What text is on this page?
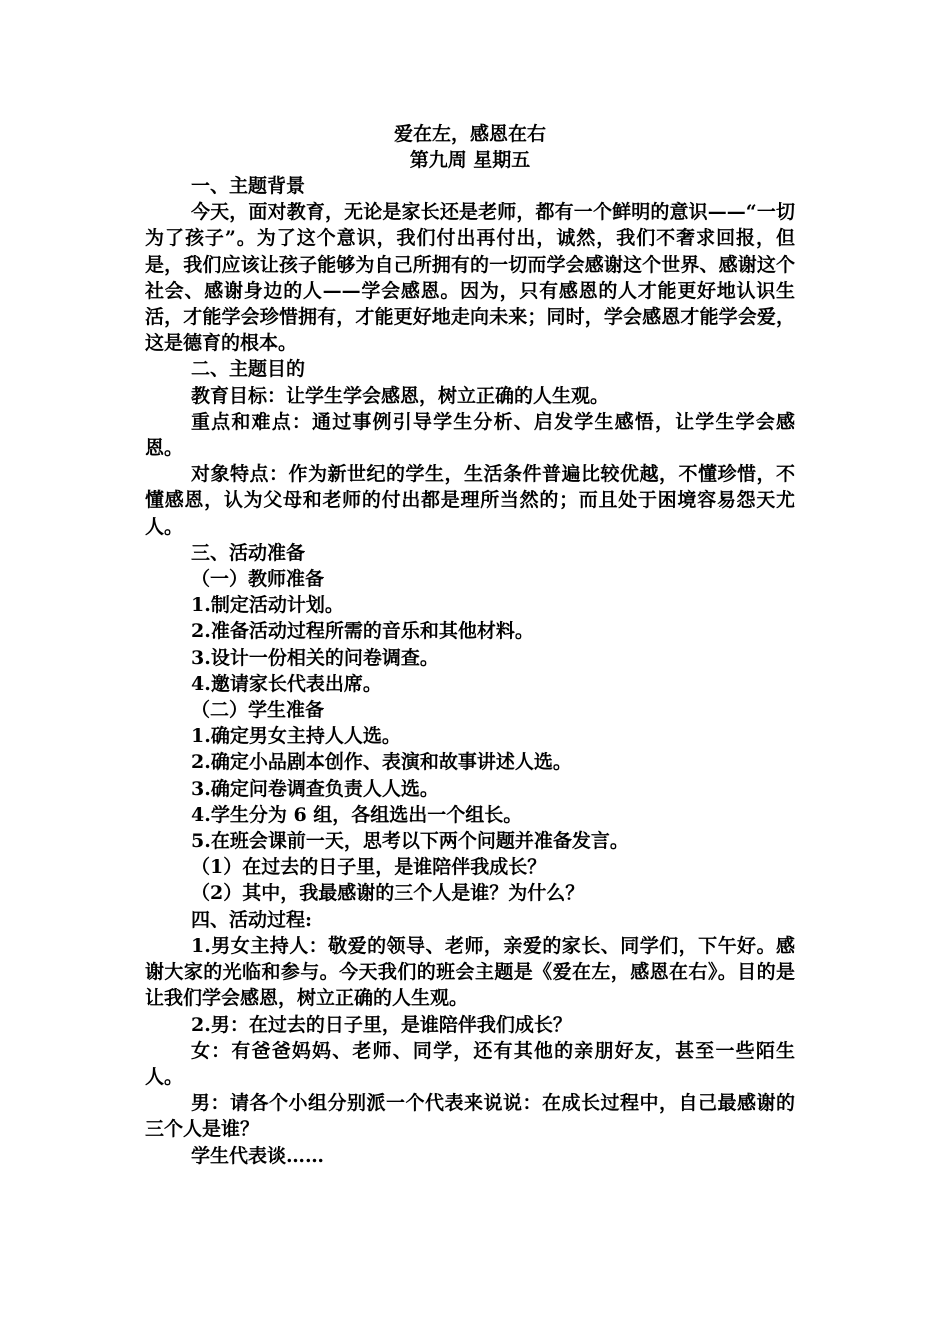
爱在左，感恩在右
第九周 星期五
一、主题背景
今天，面对教育，无论是家长还是老师，都有一个鲜明的意识——“一切为了孩子”。为了这个意识，我们付出再付出，诚然，我们不奢求回报，但是，我们应该让孩子能够为自己所拥有的一切而学会感谢这个世界、感谢这个社会、感谢身边的人——学会感恩。因为，只有感恩的人才能更好地认识生活，才能学会珍惜拥有，才能更好地走向未来；同时，学会感恩才能学会爱，这是德育的根本。
二、主题目的
教育目标：让学生学会感恩，树立正确的人生观。
重点和难点：通过事例引导学生分析、启发学生感悟，让学生学会感恩。
对象特点：作为新世纪的学生，生活条件普遍比较优越，不懂珍惜，不懂感恩，认为父母和老师的付出都是理所当然的；而且处于困境容易怨天尤人。
三、活动准备
（一）教师准备
1.制定活动计划。
2.准备活动过程所需的音乐和其他材料。
3.设计一份相关的问卷调查。
4.邀请家长代表出席。
（二）学生准备
1.确定男女主持人人选。
2.确定小品剧本创作、表演和故事讲述人选。
3.确定问卷调查负责人人选。
4.学生分为 6 组，各组选出一个组长。
5.在班会课前一天，思考以下两个问题并准备发言。
（1）在过去的日子里，是谁陪伴我成长？
（2）其中，我最感谢的三个人是谁？为什么？
四、活动过程:
1.男女主持人：敬爱的领导、老师，亲爱的家长、同学们，下午好。感谢大家的光临和参与。今天我们的班会主题是《爱在左，感恩在右》。目的是让我们学会感恩，树立正确的人生观。
2.男：在过去的日子里，是谁陪伴我们成长？
女：有爸爸妈妈、老师、同学，还有其他的亲朋好友，甚至一些陌生人。
男：请各个小组分别派一个代表来说说：在成长过程中，自己最感谢的三个人是谁？
学生代表谈……
